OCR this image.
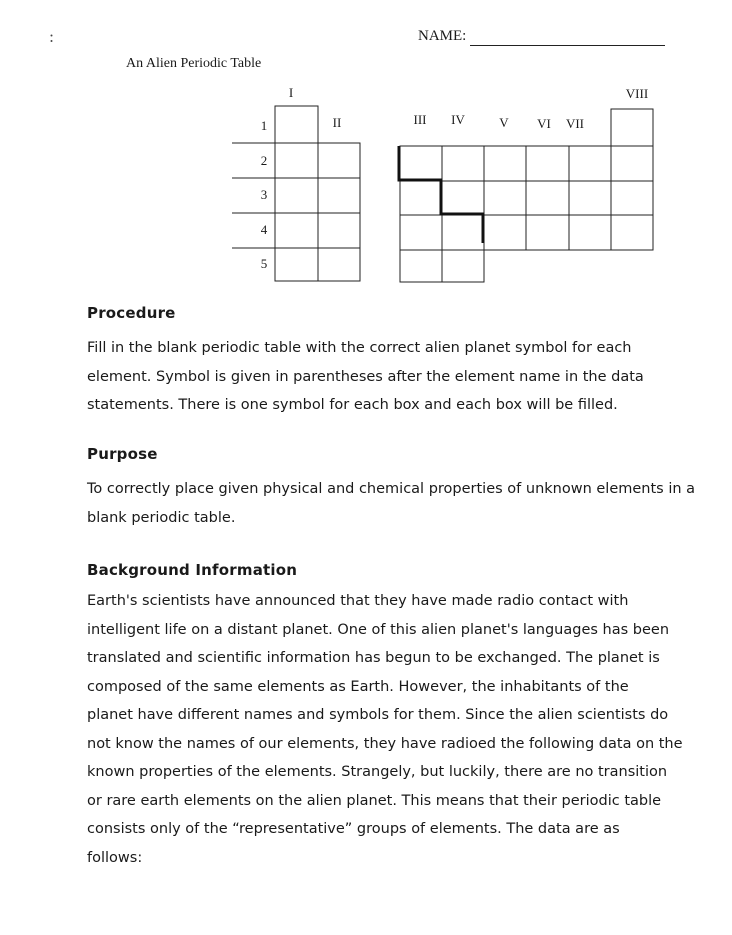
NAME:
An Alien Periodic Table
I
II	III IV	V VI VII
VIII
1
2
3
4
5
Procedure
Fill in the blank periodic table with the correct alien planet symbol for each
element. Symbol is given in parentheses after the element name in the data
statements. There is one symbol for each box and each box will be filled.
Purpose
To correctly place given physical and chemical properties of unknown elements in a
blank periodic table.
Background Information
Earth's scientists have announced that they have made radio contact with
intelligent life on a distant planet. One of this alien planet's languages has been
translated and scientific information has begun to be exchanged. The planet is
composed of the same elements as Earth. However, the inhabitants of the
planet have different names and symbols for them. Since the alien scientists do
not know the names of our elements, they have radioed the following data on the
known properties of the elements. Strangely, but luckily, there are no transition
or rare earth elements on the alien planet. This means that their periodic table
consists only of the “representative” groups of elements. The data are as
follows:
